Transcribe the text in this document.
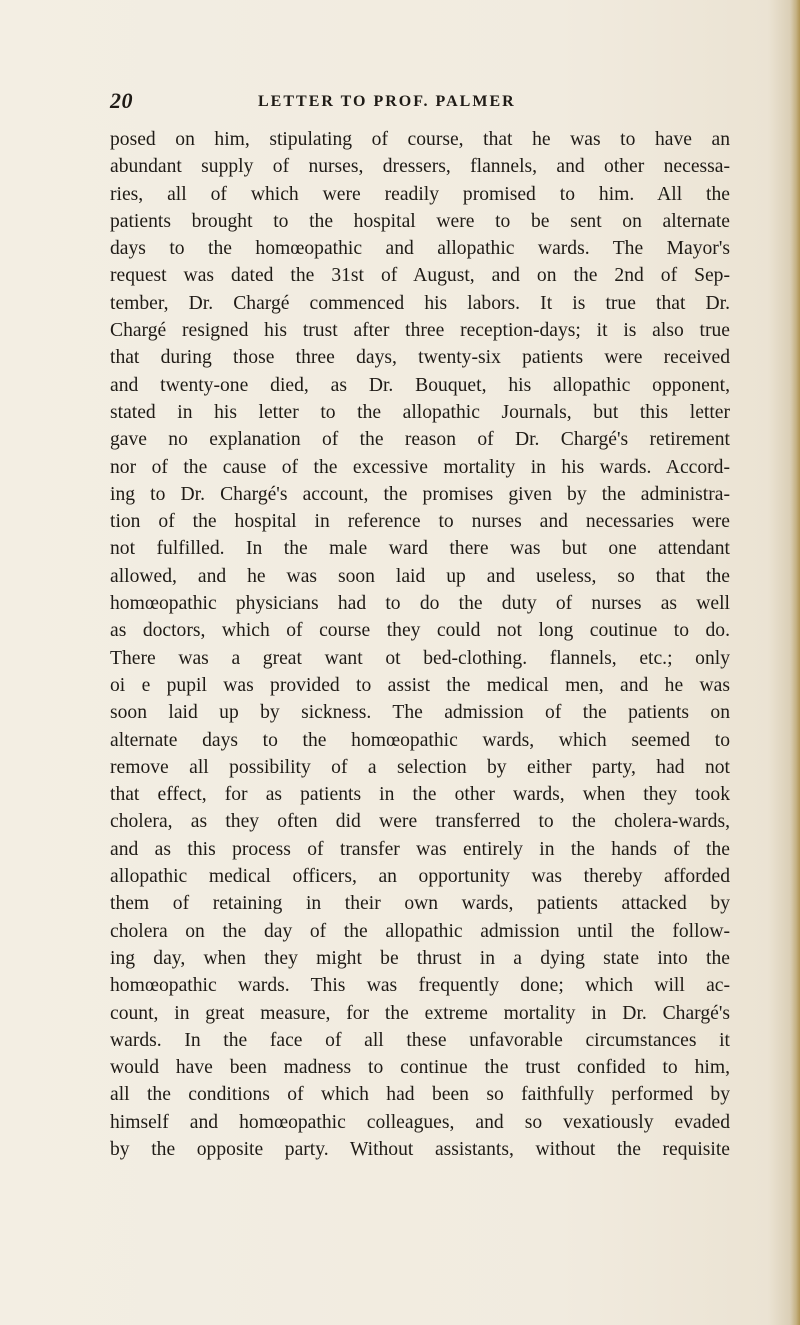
20	LETTER TO PROF. PALMER
posed on him, stipulating of course, that he was to have an
abundant supply of nurses, dressers, flannels, and other necessa-
ries, all of which were readily promised to him. All the
patients brought to the hospital were to be sent on alternate
days to the homœopathic and allopathic wards. The Mayor's
request was dated the 31st of August, and on the 2nd of Sep-
tember, Dr. Chargé commenced his labors. It is true that Dr.
Chargé resigned his trust after three reception-days; it is also true
that during those three days, twenty-six patients were received
and twenty-one died, as Dr. Bouquet, his allopathic opponent,
stated in his letter to the allopathic Journals, but this letter
gave no explanation of the reason of Dr. Chargé's retirement
nor of the cause of the excessive mortality in his wards. Accord-
ing to Dr. Chargé's account, the promises given by the administra-
tion of the hospital in reference to nurses and necessaries were
not fulfilled. In the male ward there was but one attendant
allowed, and he was soon laid up and useless, so that the
homœopathic physicians had to do the duty of nurses as well
as doctors, which of course they could not long coutinue to do.
There was a great want ot bed-clothing. flannels, etc.; only
oi e pupil was provided to assist the medical men, and he was
soon laid up by sickness. The admission of the patients on
alternate days to the homœopathic wards, which seemed to
remove all possibility of a selection by either party, had not
that effect, for as patients in the other wards, when they took
cholera, as they often did were transferred to the cholera-wards,
and as this process of transfer was entirely in the hands of the
allopathic medical officers, an opportunity was thereby afforded
them of retaining in their own wards, patients attacked by
cholera on the day of the allopathic admission until the follow-
ing day, when they might be thrust in a dying state into the
homœopathic wards. This was frequently done; which will ac-
count, in great measure, for the extreme mortality in Dr. Chargé's
wards. In the face of all these unfavorable circumstances it
would have been madness to continue the trust confided to him,
all the conditions of which had been so faithfully performed by
himself and homœopathic colleagues, and so vexatiously evaded
by the opposite party. Without assistants, without the requisite
